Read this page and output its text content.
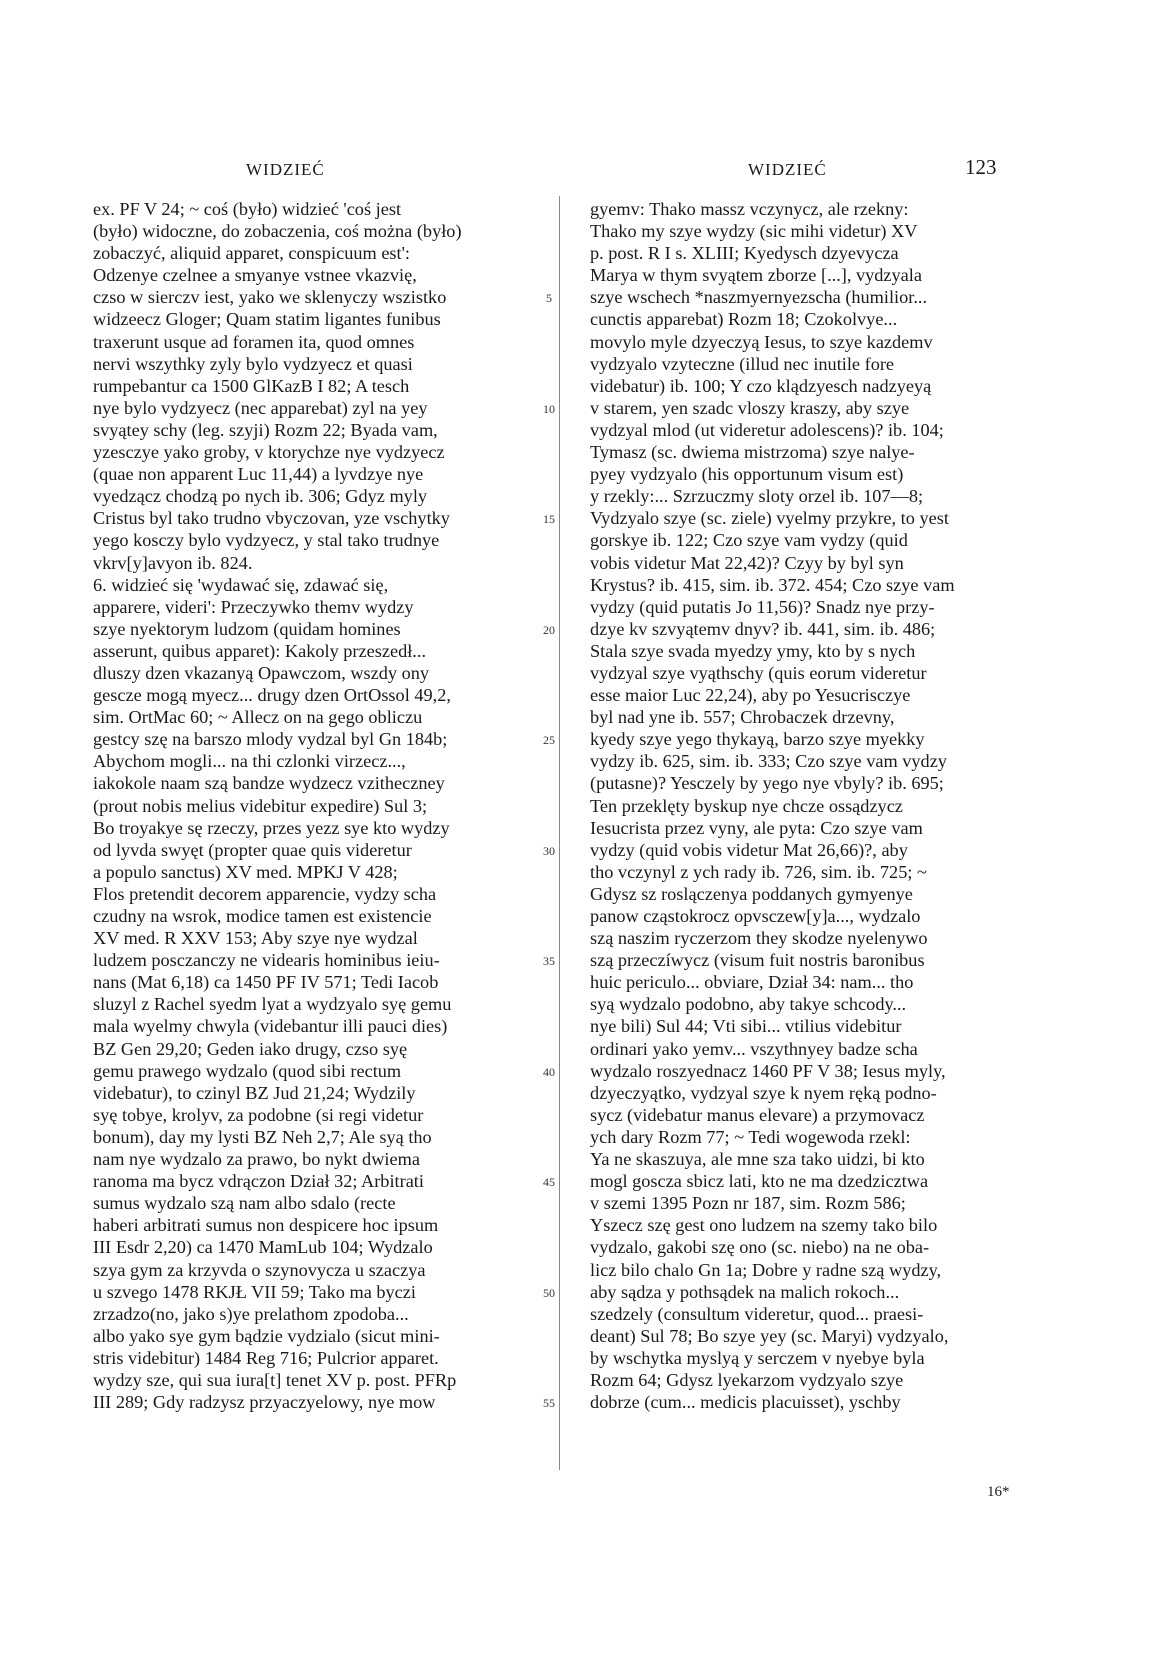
WIDZIEĆ	WIDZIEĆ	123
ex. PF V 24; ~ coś (było) widzieć 'coś jest
(było) widoczne, do zobaczenia, coś można (było)
zobaczyć, aliquid apparet, conspicuum est':
Odzenye czelnee a smyanye vstnee vkazvię,
czso w sierczv iest, yako we sklenyczy wszistko
widzeecz Gloger; Quam statim ligantes funibus
traxerunt usque ad foramen ita, quod omnes
nervi wszythky zyly bylo vydzyecz et quasi
rumpebantur ca 1500 GlKazB I 82; A tesch
nye bylo vydzyecz (nec apparebat) zyl na yey
svyątey schy (leg. szyji) Rozm 22; Byada vam,
yzesczye yako groby, v ktorychze nye vydzyecz
(quae non apparent Luc 11,44) a lyvdzye nye
vyedzącz chodzą po nych ib. 306; Gdyz myly
Cristus byl tako trudno vbyczovan, yze vschytky
yego kosczy bylo vydzyecz, y stal tako trudnye
vkrv[y]avyon ib. 824.
6. widzieć się 'wydawać się, zdawać się,
apparere, videri': Przeczywko themv wydzy
szye nyektorym ludzom (quidam homines
asserunt, quibus apparet): Kakoly przeszedł...
dluszy dzen vkazanyą Opawczom, wszdy ony
gescze mogą myecz... drugy dzen OrtOssol 49,2,
sim. OrtMac 60; ~ Allecz on na gego obliczu
gestcy szę na barszo mlody vydzal byl Gn 184b;
Abychom mogli... na thi czlonki virzecz...,
iakokole naam szą bandze wydzecz vzitheczney
(prout nobis melius videbitur expedire) Sul 3;
Bo troyakye sę rzeczy, przes yezz sye kto wydzy
od lyvda swyęt (propter quae quis videretur
a populo sanctus) XV med. MPKJ V 428;
Flos pretendit decorem apparencie, vydzy scha
czudny na wsrok, modice tamen est existencie
XV med. R XXV 153; Aby szye nye wydzal
ludzem posczanczy ne videaris hominibus ieiu-
nans (Mat 6,18) ca 1450 PF IV 571; Tedi Iacob
sluzyl z Rachel syedm lyat a wydzyalo syę gemu
mala wyelmy chwyla (videbantur illi pauci dies)
BZ Gen 29,20; Geden iako drugy, czso syę
gemu prawego wydzalo (quod sibi rectum
videbatur), to czinyl BZ Jud 21,24; Wydzily
syę tobye, krolyv, za podobne (si regi videtur
bonum), day my lysti BZ Neh 2,7; Ale syą tho
nam nye wydzalo za prawo, bo nykt dwiema
ranoma ma bycz vdrączon Dział 32; Arbitrati
sumus wydzalo szą nam albo sdalo (recte
haberi arbitrati sumus non despicere hoc ipsum
III Esdr 2,20) ca 1470 MamLub 104; Wydzalo
szya gym za krzyvda o szynovycza u szaczya
u szvego 1478 RKJŁ VII 59; Tako ma byczi
zrzadzo(no, jako s)ye prelathom zpodoba...
albo yako sye gym bądzie vydzialo (sicut mini-
stris videbitur) 1484 Reg 716; Pulcrior apparet.
wydzy sze, qui sua iura[t] tenet XV p. post. PFRp
III 289; Gdy radzysz przyaczyelowy, nye mow
5
10
15
20
25
30
35
40
45
50
55
gyemv: Thako massz vczynycz, ale rzekny:
Thako my szye wydzy (sic mihi videtur) XV
p. post. R I s. XLIII; Kyedysch dzyevycza
Marya w thym svyątem zborze [...], vydzyala
szye wschech *naszmyernyezscha (humilior...
cunctis apparebat) Rozm 18; Czokolvye...
movylo myle dzyeczyą Iesus, to szye kazdemv
vydzyalo vzyteczne (illud nec inutile fore
videbatur) ib. 100; Y czo klądzyesch nadzyeyą
v starem, yen szadc vloszy kraszy, aby szye
vydzyal mlod (ut videretur adolescens)? ib. 104;
Tymasz (sc. dwiema mistrzoma) szye nalye-
pyey vydzyalo (his opportunum visum est)
y rzekly:... Szrzuczmy sloty orzel ib. 107—8;
Vydzyalo szye (sc. ziele) vyelmy przykre, to yest
gorskye ib. 122; Czo szye vam vydzy (quid
vobis videtur Mat 22,42)? Czyy by byl syn
Krystus? ib. 415, sim. ib. 372. 454; Czo szye vam
vydzy (quid putatis Jo 11,56)? Snadz nye przy-
dzye kv szvyątemv dnyv? ib. 441, sim. ib. 486;
Stala szye svada myedzy ymy, kto by s nych
vydzyal szye vyąthschy (quis eorum videretur
esse maior Luc 22,24), aby po Yesucrisczye
byl nad yne ib. 557; Chrobaczek drzevny,
kyedy szye yego thykayą, barzo szye myekky
vydzy ib. 625, sim. ib. 333; Czo szye vam vydzy
(putasne)? Yesczely by yego nye vbyly? ib. 695;
Ten przeklęty byskup nye chcze ossądzycz
Iesucrista przez vyny, ale pyta: Czo szye vam
vydzy (quid vobis videtur Mat 26,66)?, aby
tho vczynyl z ych rady ib. 726, sim. ib. 725; ~
Gdysz sz roslączenya poddanych gymyenye
panow cząstokrocz opvsczew[y]a..., wydzalo
szą naszim ryczerzom they skodze nyelenywo
szą przeczíwycz (visum fuit nostris baronibus
huic periculo... obviare, Dział 34: nam... tho
syą wydzalo podobno, aby takye schcody...
nye bili) Sul 44; Vti sibi... vtilius videbitur
ordinari yako yemv... vszythnyey badze scha
wydzalo roszyednacz 1460 PF V 38; Iesus myly,
dzyeczyątko, vydzyal szye k nyem ręką podno-
sycz (videbatur manus elevare) a przymovacz
ych dary Rozm 77; ~ Tedi wogewoda rzekl:
Ya ne skaszuya, ale mne sza tako uidzi, bi kto
mogl goscza sbicz lati, kto ne ma dzedzicztwa
v szemi 1395 Pozn nr 187, sim. Rozm 586;
Yszecz szę gest ono ludzem na szemy tako bilo
vydzalo, gakobi szę ono (sc. niebo) na ne oba-
licz bilo chalo Gn 1a; Dobre y radne szą wydzy,
aby sądza y pothsądek na malich rokoch...
szedzely (consultum videretur, quod... praesi-
deant) Sul 78; Bo szye yey (sc. Maryi) vydzyalo,
by wschytka myslyą y serczem v nyebye byla
Rozm 64; Gdysz lyekarzom vydzyalo szye
dobrze (cum... medicis placuisset), yschby
16*
